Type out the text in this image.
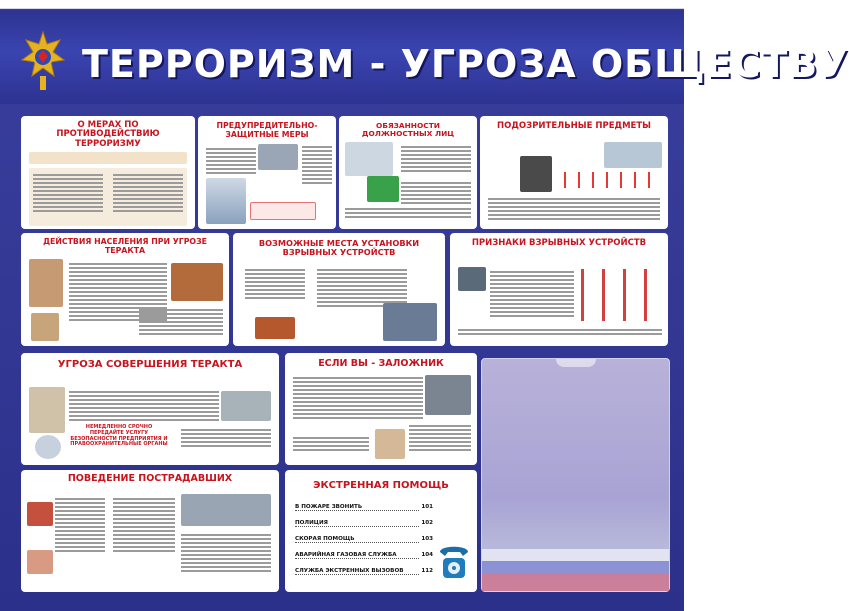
ТЕРРОРИЗМ - УГРОЗА ОБЩЕСТВУ
О МЕРАХ ПО ПРОТИВОДЕЙСТВИЮ ТЕРРОРИЗМУ
ПРЕДУПРЕДИТЕЛЬНО-ЗАЩИТНЫЕ МЕРЫ
ОБЯЗАННОСТИ ДОЛЖНОСТНЫХ ЛИЦ
ПОДОЗРИТЕЛЬНЫЕ ПРЕДМЕТЫ
ДЕЙСТВИЯ НАСЕЛЕНИЯ ПРИ УГРОЗЕ ТЕРАКТА
ВОЗМОЖНЫЕ МЕСТА УСТАНОВКИ ВЗРЫВНЫХ УСТРОЙСТВ
ПРИЗНАКИ ВЗРЫВНЫХ УСТРОЙСТВ
УГРОЗА СОВЕРШЕНИЯ ТЕРАКТА
НЕМЕДЛЕННО СРОЧНО ПЕРЕДАЙТЕ УСЛУГУ БЕЗОПАСНОСТИ ПРЕДПРИЯТИЯ И ПРАВООХРАНИТЕЛЬНЫЕ ОРГАНЫ
ЕСЛИ ВЫ - ЗАЛОЖНИК
ПОВЕДЕНИЕ ПОСТРАДАВШИХ
ЭКСТРЕННАЯ ПОМОЩЬ
В ПОЖАРЕ ЗВОНИТЬ	101
ПОЛИЦИЯ	102
СКОРАЯ ПОМОЩЬ	103
АВАРИЙНАЯ ГАЗОВАЯ СЛУЖБА	104
СЛУЖБА ЭКСТРЕННЫХ ВЫЗОВОВ	112
